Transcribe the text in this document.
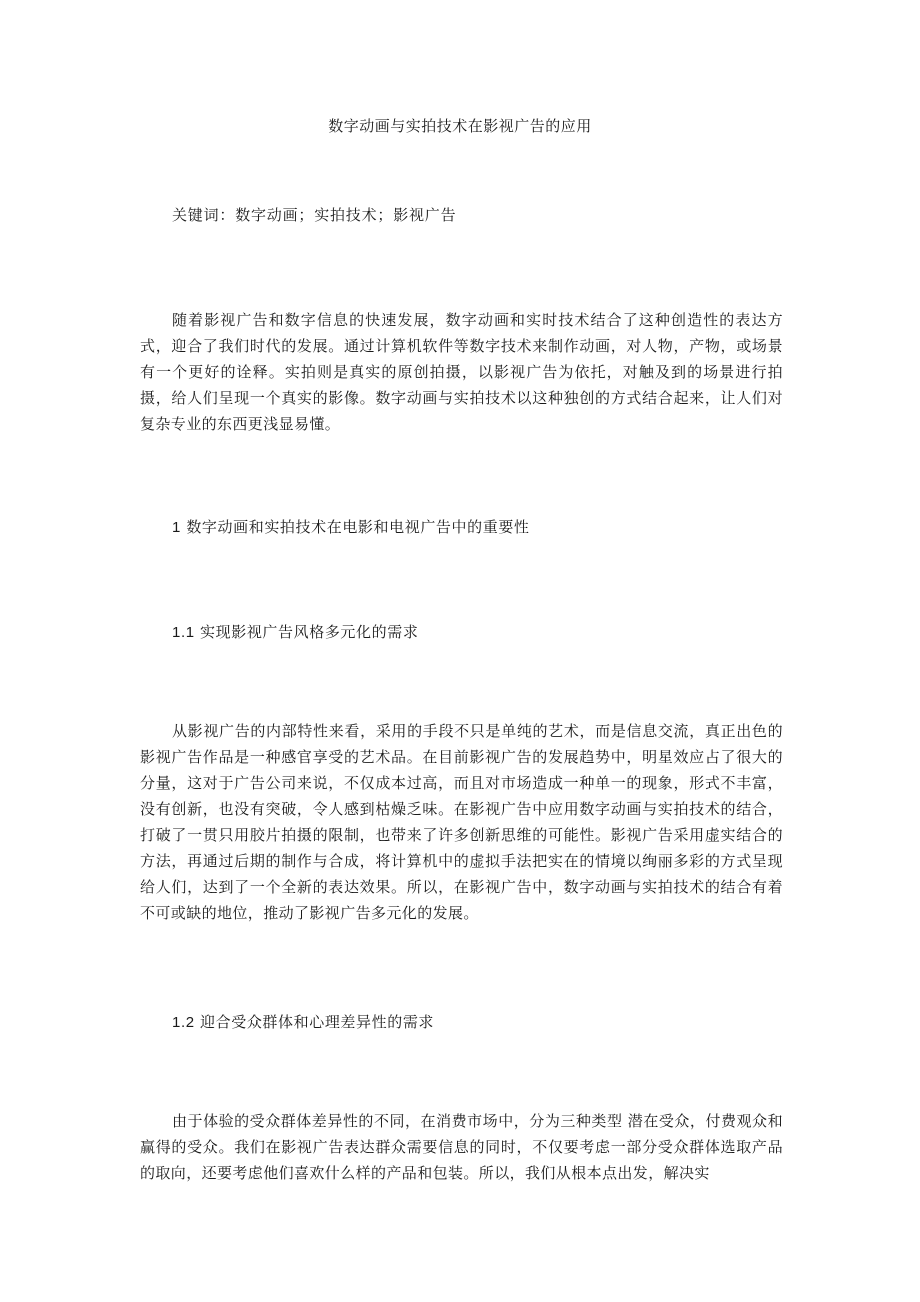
数字动画与实拍技术在影视广告的应用
关键词：数字动画；实拍技术；影视广告

随着影视广告和数字信息的快速发展，数字动画和实时技术结合了这种创造性的表达方式，迎合了我们时代的发展。通过计算机软件等数字技术来制作动画，对人物，产物，或场景有一个更好的诠释。实拍则是真实的原创拍摄，以影视广告为依托，对触及到的场景进行拍摄，给人们呈现一个真实的影像。数字动画与实拍技术以这种独创的方式结合起来，让人们对复杂专业的东西更浅显易懂。

1 数字动画和实拍技术在电影和电视广告中的重要性
1.1 实现影视广告风格多元化的需求

从影视广告的内部特性来看，采用的手段不只是单纯的艺术，而是信息交流，真正出色的影视广告作品是一种感官享受的艺术品。在目前影视广告的发展趋势中，明星效应占了很大的分量，这对于广告公司来说，不仅成本过高，而且对市场造成一种单一的现象，形式不丰富，没有创新，也没有突破，令人感到枯燥乏味。在影视广告中应用数字动画与实拍技术的结合，打破了一贯只用胶片拍摄的限制，也带来了许多创新思维的可能性。影视广告采用虚实结合的方法，再通过后期的制作与合成，将计算机中的虚拟手法把实在的情境以绚丽多彩的方式呈现给人们，达到了一个全新的表达效果。所以，在影视广告中，数字动画与实拍技术的结合有着不可或缺的地位，推动了影视广告多元化的发展。

1.2 迎合受众群体和心理差异性的需求

由于体验的受众群体差异性的不同，在消费市场中，分为三种类型 潜在受众，付费观众和赢得的受众。我们在影视广告表达群众需要信息的同时，不仅要考虑一部分受众群体选取产品的取向，还要考虑他们喜欢什么样的产品和包装。所以，我们从根本点出发，解决实
